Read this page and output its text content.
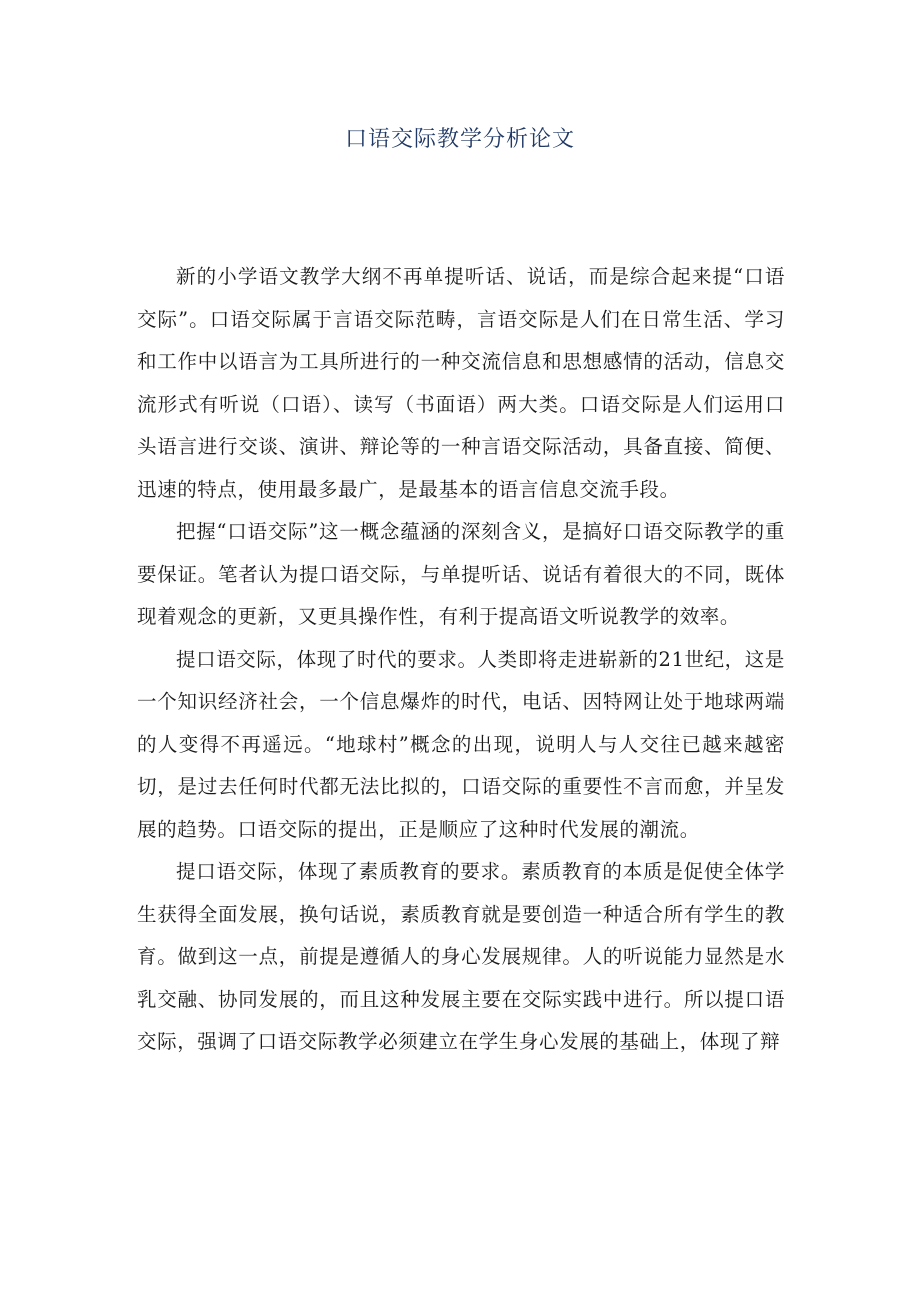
口语交际教学分析论文

新的小学语文教学大纲不再单提听话、说话，而是综合起来提“口语交际”。口语交际属于言语交际范畴，言语交际是人们在日常生活、学习和工作中以语言为工具所进行的一种交流信息和思想感情的活动，信息交流形式有听说（口语）、读写（书面语）两大类。口语交际是人们运用口头语言进行交谈、演讲、辩论等的一种言语交际活动，具备直接、简便、迅速的特点，使用最多最广，是最基本的语言信息交流手段。

把握“口语交际”这一概念蕴涵的深刻含义，是搞好口语交际教学的重要保证。笔者认为提口语交际，与单提听话、说话有着很大的不同，既体现着观念的更新，又更具操作性，有利于提高语文听说教学的效率。

提口语交际，体现了时代的要求。人类即将走进崭新的21世纪，这是一个知识经济社会，一个信息爆炸的时代，电话、因特网让处于地球两端的人变得不再遥远。“地球村”概念的出现，说明人与人交往已越来越密切，是过去任何时代都无法比拟的，口语交际的重要性不言而愈，并呈发展的趋势。口语交际的提出，正是顺应了这种时代发展的潮流。

提口语交际，体现了素质教育的要求。素质教育的本质是促使全体学生获得全面发展，换句话说，素质教育就是要创造一种适合所有学生的教育。做到这一点，前提是遵循人的身心发展规律。人的听说能力显然是水乳交融、协同发展的，而且这种发展主要在交际实践中进行。所以提口语交际，强调了口语交际教学必须建立在学生身心发展的基础上，体现了辩
